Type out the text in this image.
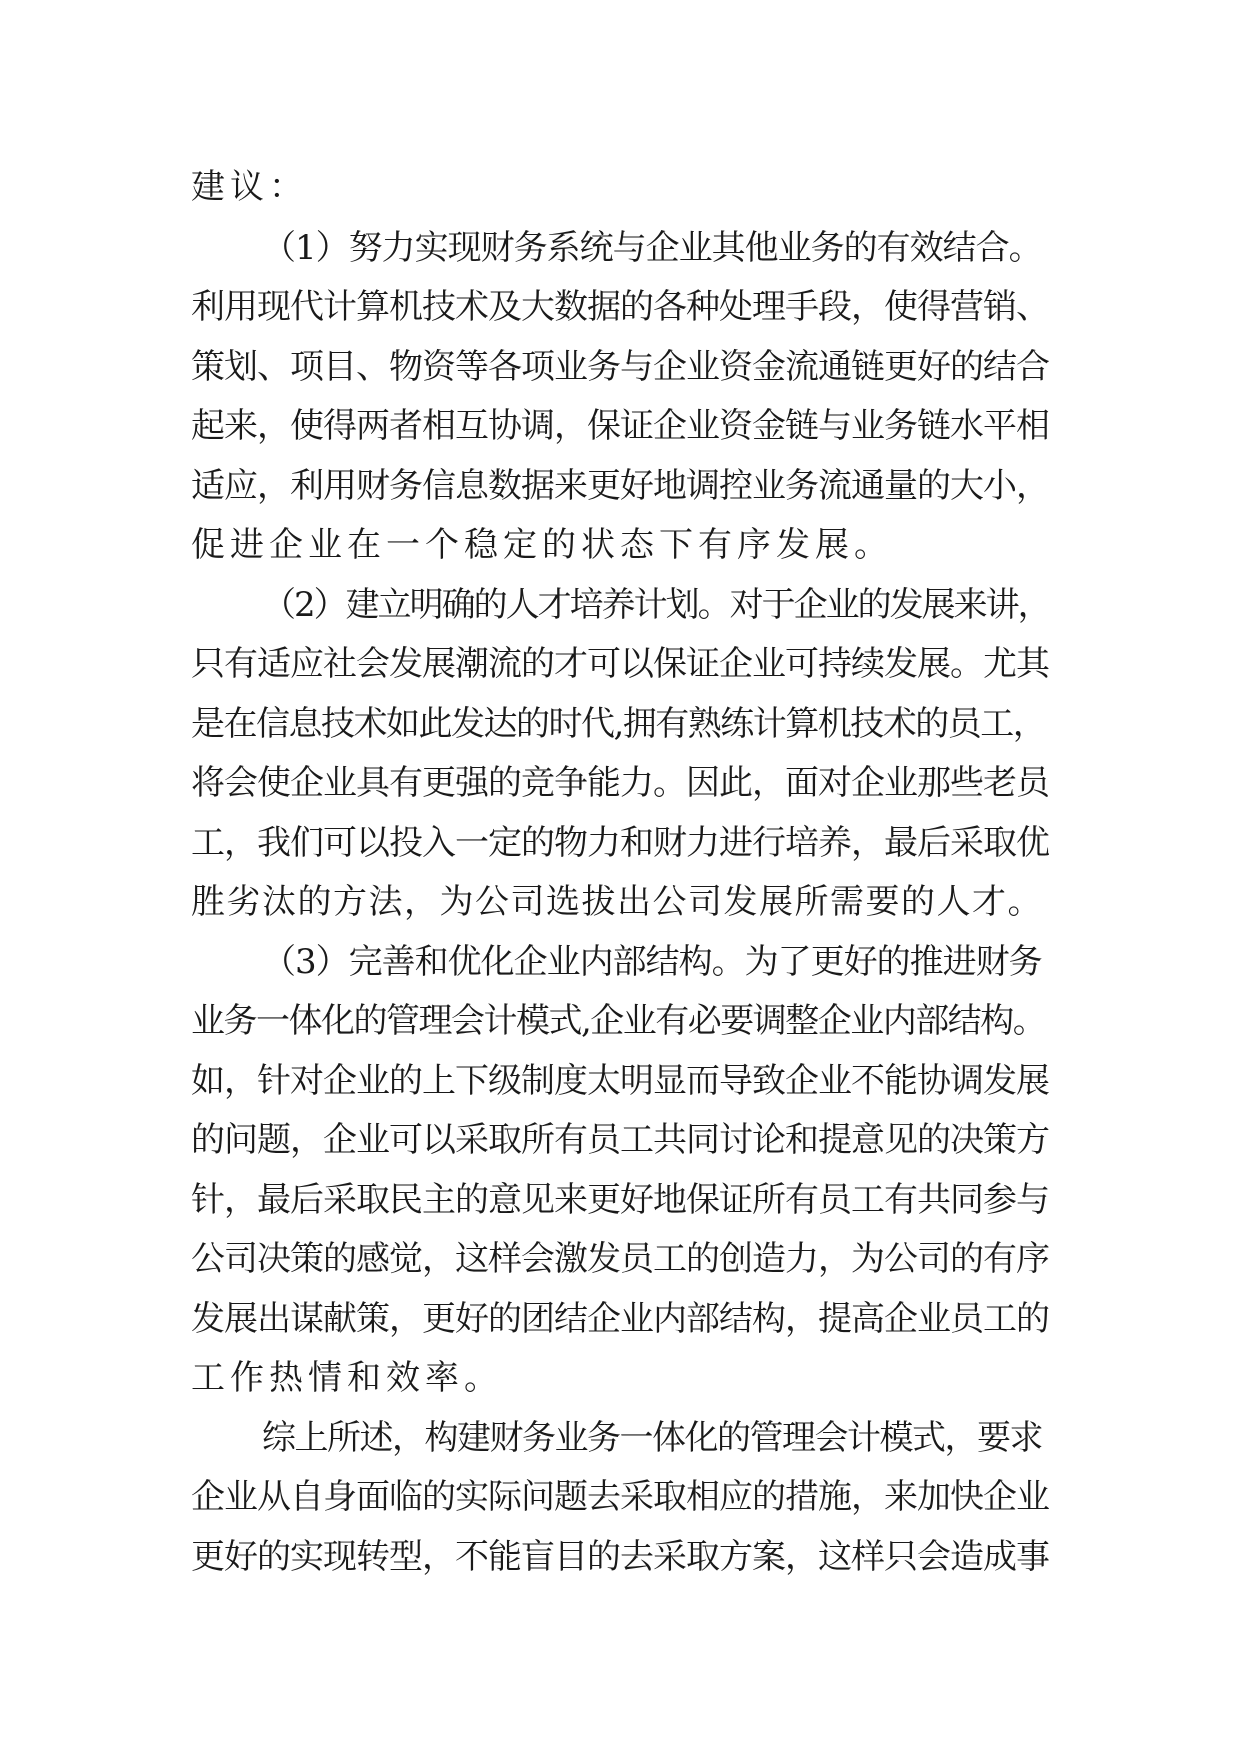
建议：
（1）努力实现财务系统与企业其他业务的有效结合。
利用现代计算机技术及大数据的各种处理手段，使得营销、
策划、项目、物资等各项业务与企业资金流通链更好的结合
起来，使得两者相互协调，保证企业资金链与业务链水平相
适应，利用财务信息数据来更好地调控业务流通量的大小，
促进企业在一个稳定的状态下有序发展。
（2）建立明确的人才培养计划。对于企业的发展来讲，
只有适应社会发展潮流的才可以保证企业可持续发展。尤其
是在信息技术如此发达的时代,拥有熟练计算机技术的员工，
将会使企业具有更强的竞争能力。因此，面对企业那些老员
工，我们可以投入一定的物力和财力进行培养，最后采取优
胜劣汰的方法，为公司选拔出公司发展所需要的人才。
（3）完善和优化企业内部结构。为了更好的推进财务
业务一体化的管理会计模式,企业有必要调整企业内部结构。
如，针对企业的上下级制度太明显而导致企业不能协调发展
的问题，企业可以采取所有员工共同讨论和提意见的决策方
针，最后采取民主的意见来更好地保证所有员工有共同参与
公司决策的感觉，这样会激发员工的创造力，为公司的有序
发展出谋献策，更好的团结企业内部结构，提高企业员工的
工作热情和效率。
综上所述，构建财务业务一体化的管理会计模式，要求
企业从自身面临的实际问题去采取相应的措施，来加快企业
更好的实现转型，不能盲目的去采取方案，这样只会造成事
